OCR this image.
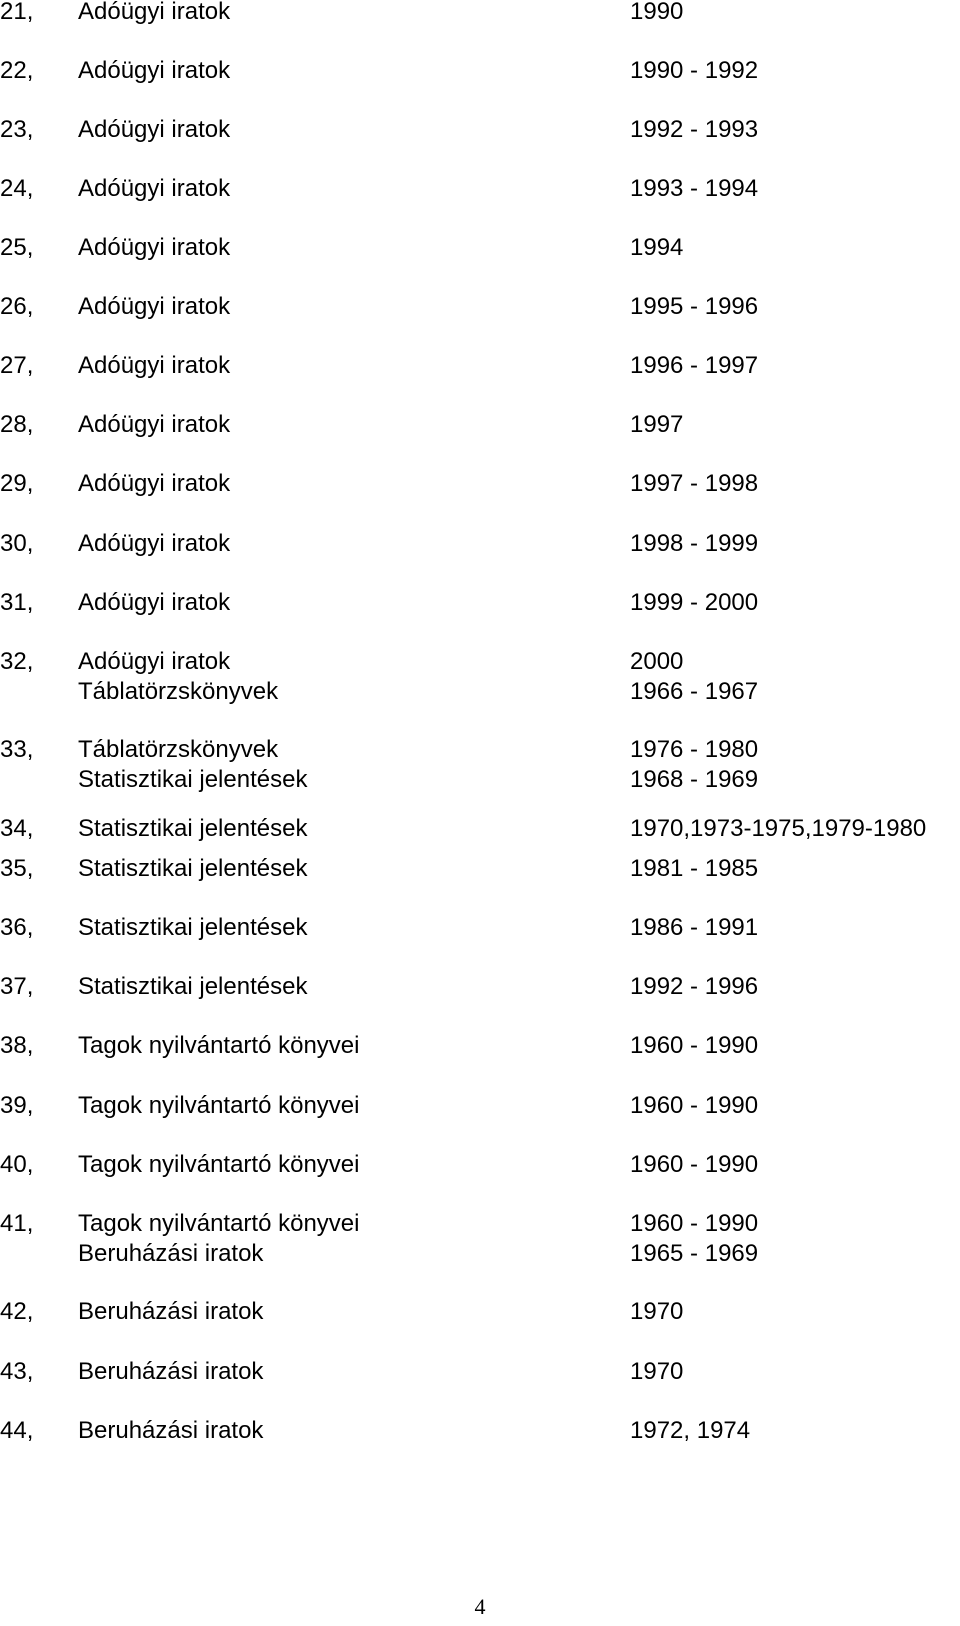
21, Adóügyi iratok	1990
22, Adóügyi iratok	1990 - 1992
23, Adóügyi iratok	1992 - 1993
24, Adóügyi iratok	1993 - 1994
25, Adóügyi iratok	1994
26, Adóügyi iratok	1995 - 1996
27, Adóügyi iratok	1996 - 1997
28, Adóügyi iratok	1997
29, Adóügyi iratok	1997 - 1998
30, Adóügyi iratok	1998 - 1999
31, Adóügyi iratok	1999 - 2000
32, Adóügyi iratok	2000
Táblatörzskönyvek	1966 - 1967
33, Táblatörzskönyvek	1976 - 1980
Statisztikai jelentések	1968 - 1969
34, Statisztikai jelentések	1970,1973-1975,1979-1980
35, Statisztikai jelentések	1981 - 1985
36, Statisztikai jelentések	1986 - 1991
37, Statisztikai jelentések	1992 - 1996
38, Tagok nyilvántartó könyvei	1960 - 1990
39, Tagok nyilvántartó könyvei	1960 - 1990
40, Tagok nyilvántartó könyvei	1960 - 1990
41, Tagok nyilvántartó könyvei	1960 - 1990
Beruházási iratok	1965 - 1969
42, Beruházási iratok	1970
43, Beruházási iratok	1970
44, Beruházási iratok	1972, 1974
4
